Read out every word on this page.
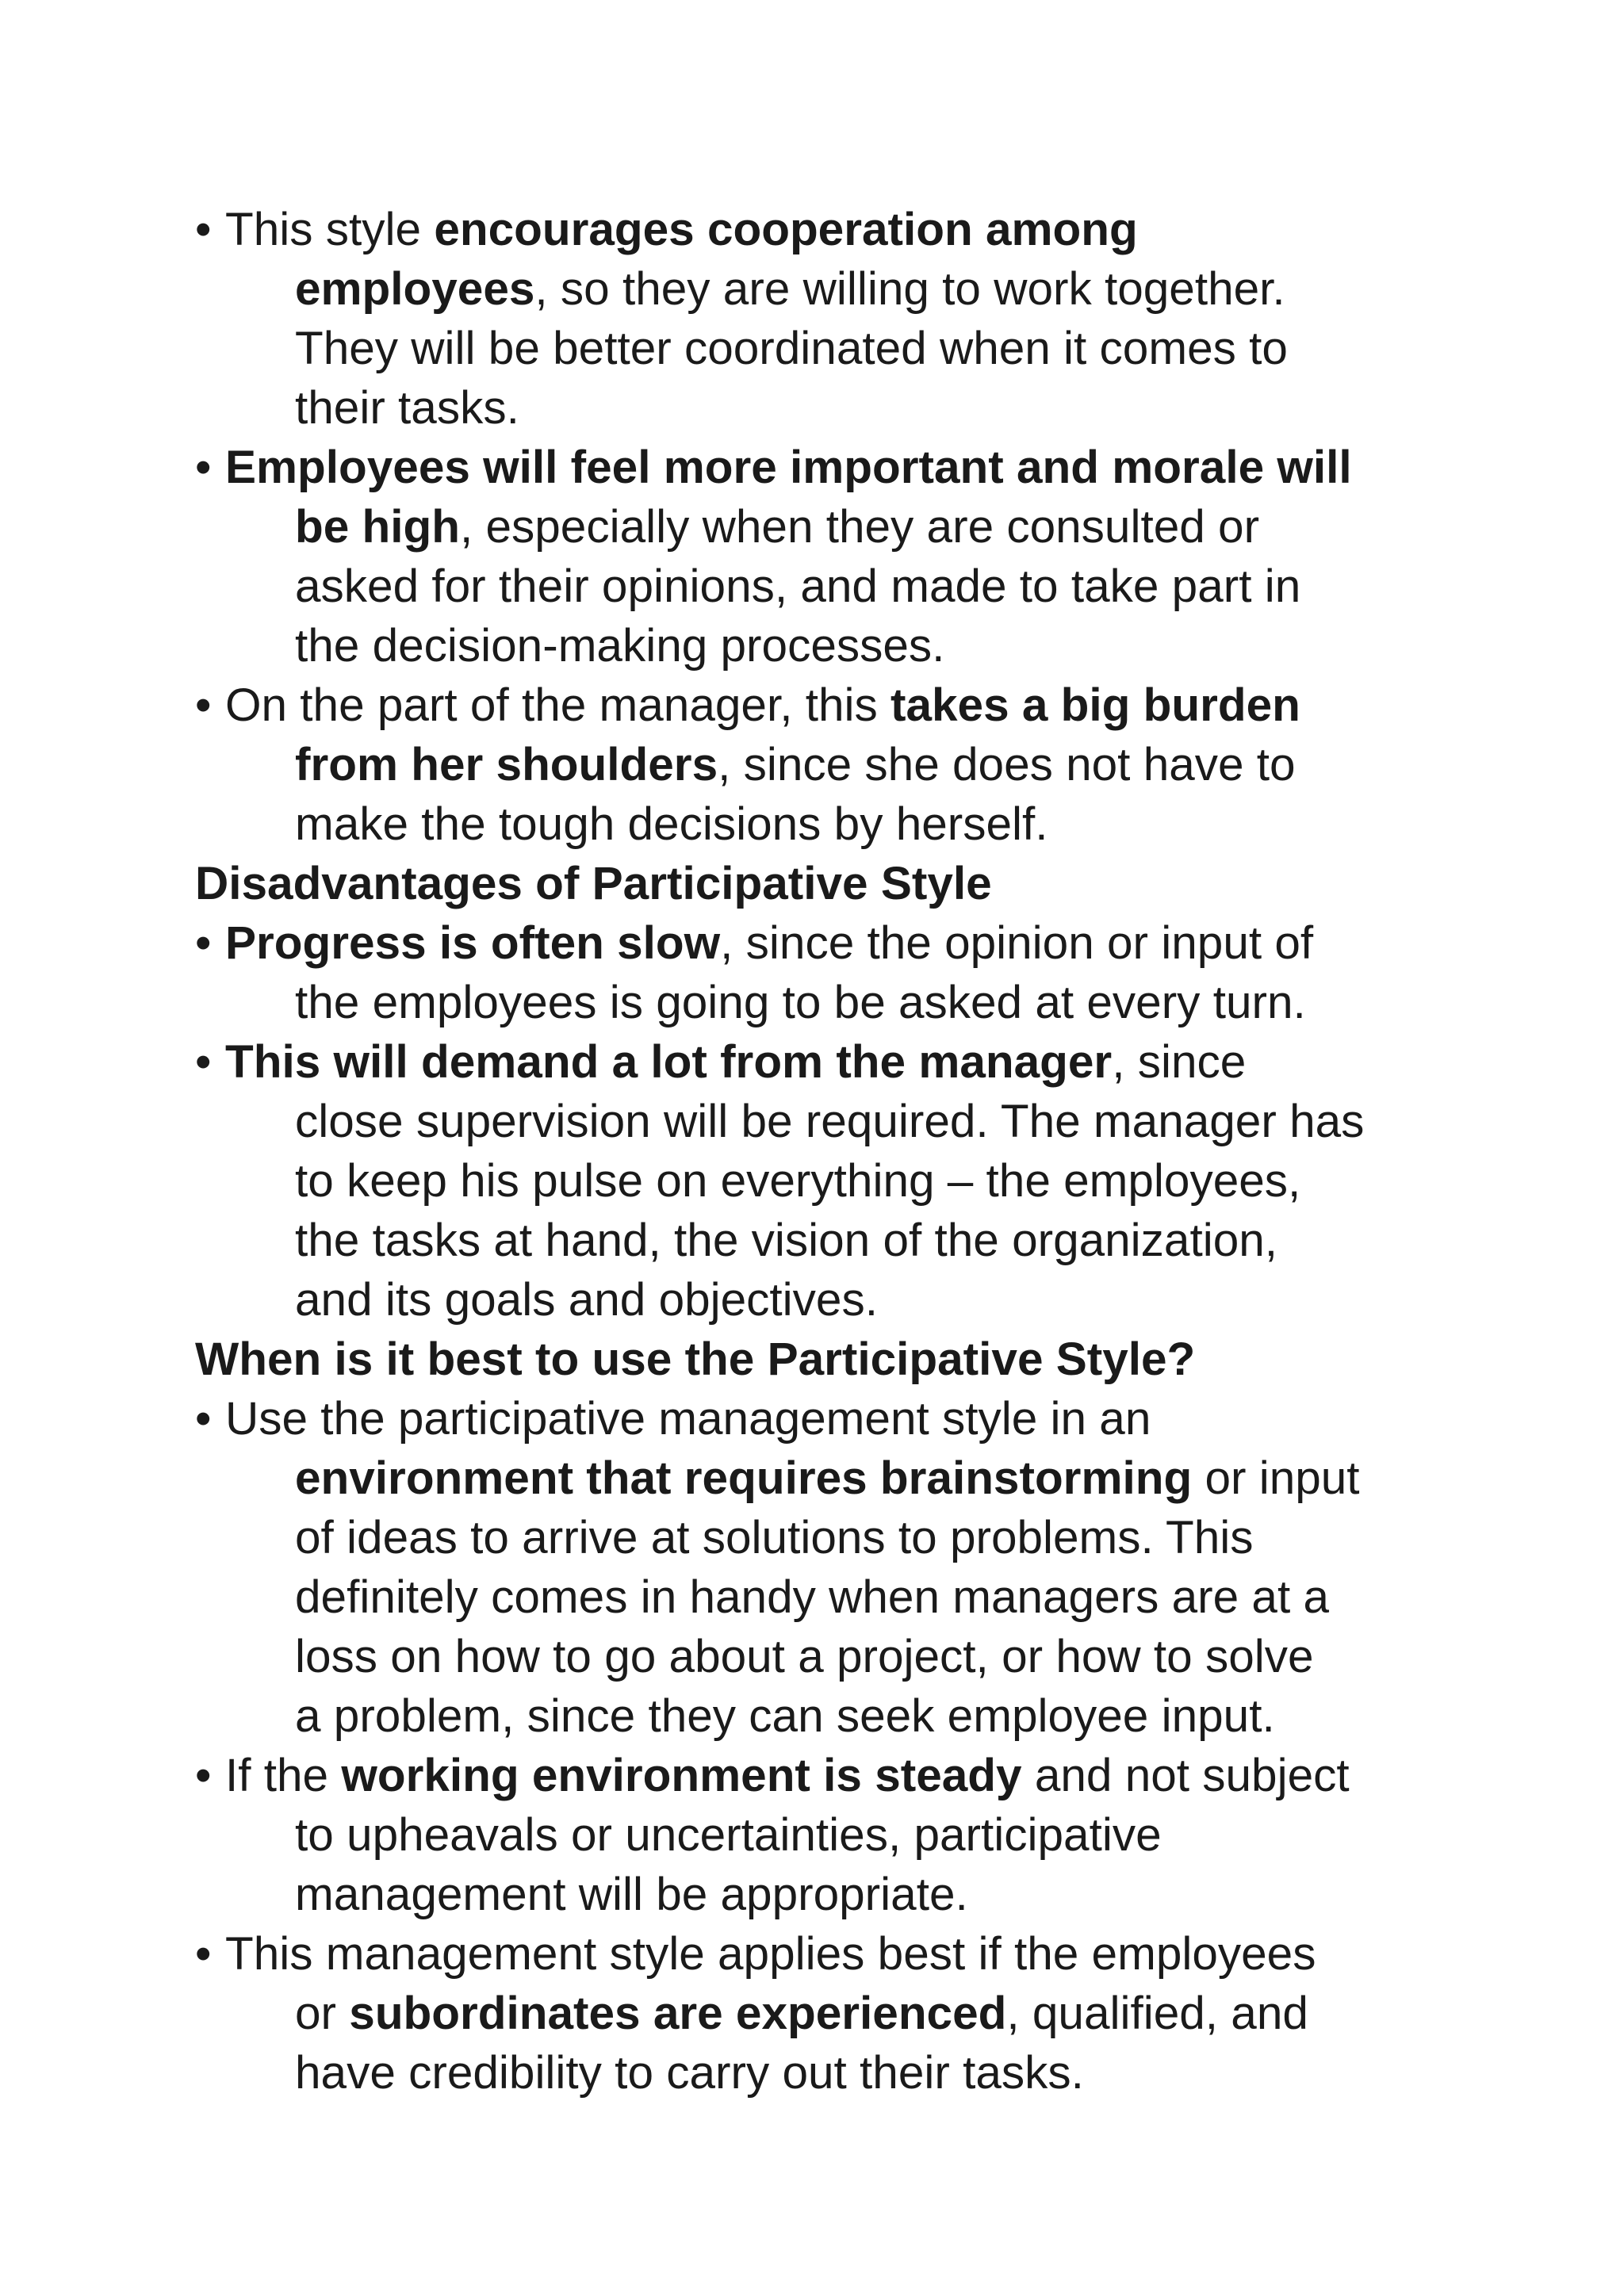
• This style encourages cooperation among
employees, so they are willing to work together.
They will be better coordinated when it comes to
their tasks.
• Employees will feel more important and morale will
be high, especially when they are consulted or
asked for their opinions, and made to take part in
the decision-making processes.
• On the part of the manager, this takes a big burden
from her shoulders, since she does not have to
make the tough decisions by herself.
Disadvantages of Participative Style
• Progress is often slow, since the opinion or input of
the employees is going to be asked at every turn.
• This will demand a lot from the manager, since
close supervision will be required. The manager has
to keep his pulse on everything – the employees,
the tasks at hand, the vision of the organization,
and its goals and objectives.
When is it best to use the Participative Style?
• Use the participative management style in an
environment that requires brainstorming or input
of ideas to arrive at solutions to problems. This
definitely comes in handy when managers are at a
loss on how to go about a project, or how to solve
a problem, since they can seek employee input.
• If the working environment is steady and not subject
to upheavals or uncertainties, participative
management will be appropriate.
• This management style applies best if the employees
or subordinates are experienced, qualified, and
have credibility to carry out their tasks.
